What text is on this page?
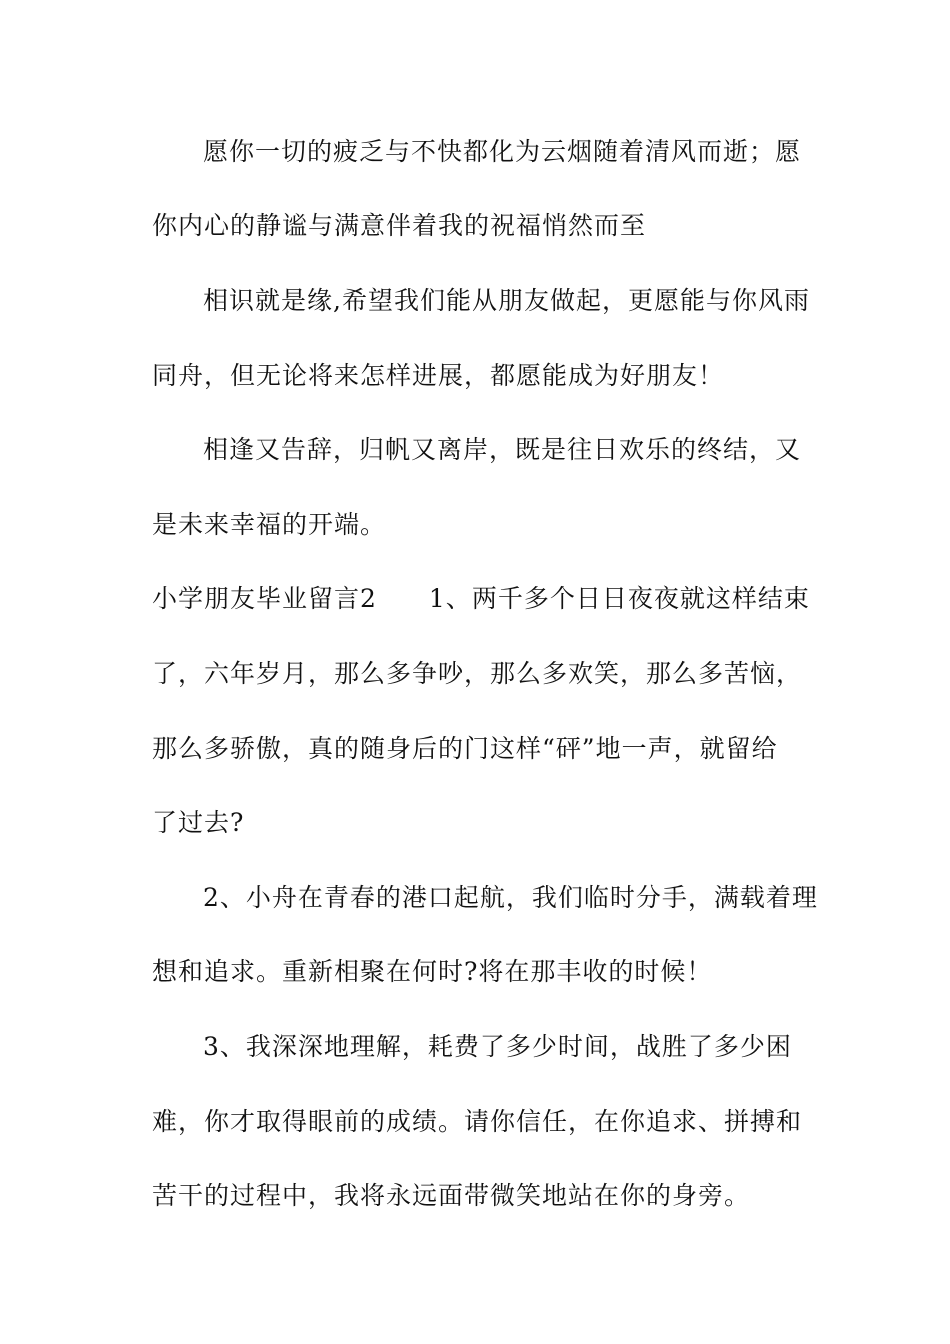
愿你一切的疲乏与不快都化为云烟随着清风而逝；愿
你内心的静谧与满意伴着我的祝福悄然而至
相识就是缘,希望我们能从朋友做起，更愿能与你风雨
同舟，但无论将来怎样进展，都愿能成为好朋友！
相逢又告辞，归帆又离岸，既是往日欢乐的终结，又
是未来幸福的开端。
小学朋友毕业留言2　　1、两千多个日日夜夜就这样结束
了，六年岁月，那么多争吵，那么多欢笑，那么多苦恼，
那么多骄傲，真的随身后的门这样“砰”地一声，就留给
了过去?
2、小舟在青春的港口起航，我们临时分手，满载着理
想和追求。重新相聚在何时?将在那丰收的时候！
3、我深深地理解，耗费了多少时间，战胜了多少困
难，你才取得眼前的成绩。请你信任，在你追求、拼搏和
苦干的过程中，我将永远面带微笑地站在你的身旁。
